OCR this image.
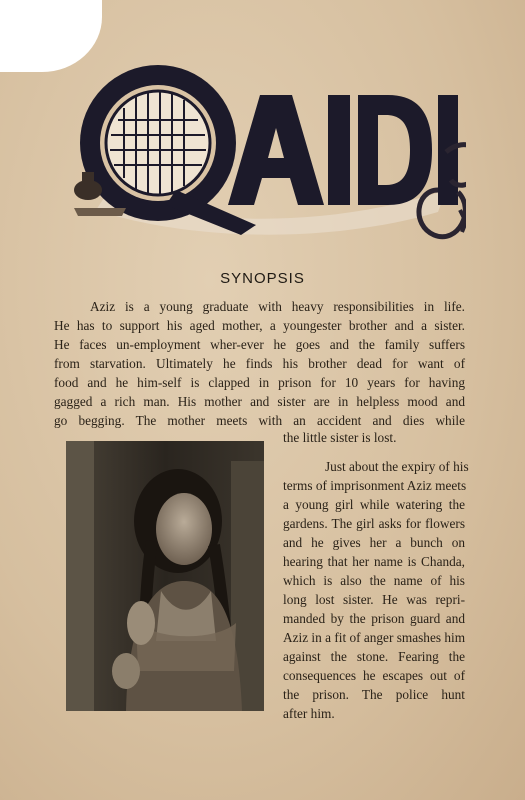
QAIDI
SYNOPSIS
Aziz is a young graduate with heavy responsibilities in life.
He has to support his aged mother, a youngester brother and a sister.
He faces un-employment wher-ever he goes and the family suffers
from starvation. Ultimately he finds his brother dead for want of
food and he him-self is clapped in prison for 10 years for having
gagged a rich man. His mother and sister are in helpless mood and
go begging. The mother meets with an accident and dies while
the little sister is lost.
Just about the expiry of his
terms of imprisonment Aziz meets
a young girl while watering the
gardens. The girl asks for flowers
and he gives her a bunch on
hearing that her name is Chanda,
which is also the name of his
long lost sister. He was repri-
manded by the prison guard and
Aziz in a fit of anger smashes him
against the stone. Fearing the
consequences he escapes out of
the prison. The police hunt
after him.
